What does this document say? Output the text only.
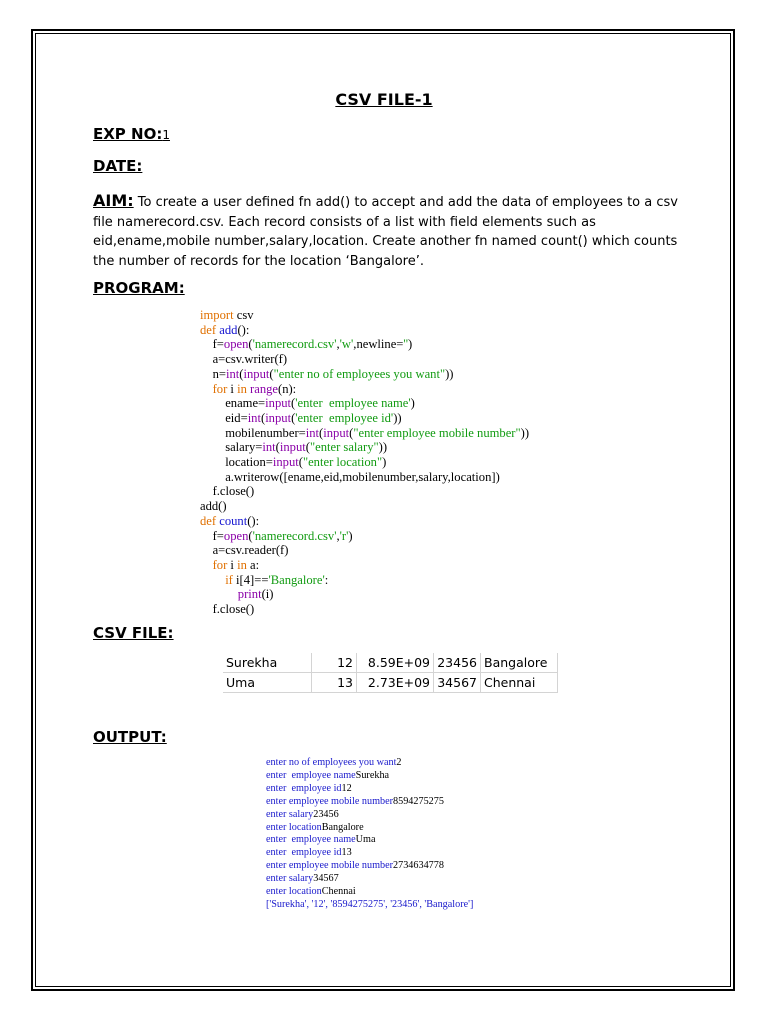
CSV FILE-1
EXP NO:1
DATE:
AIM: To create a user defined fn add() to accept and add the data of employees to a csv file namerecord.csv. Each record consists of a list with field elements such as eid,ename,mobile number,salary,location. Create another fn named count() which counts the number of records for the location ‘Bangalore’.
PROGRAM:
import csv
def add():
f=open('namerecord.csv','w',newline='')
a=csv.writer(f)
n=int(input("enter no of employees you want"))
for i in range(n):
ename=input('enter  employee name')
eid=int(input('enter  employee id'))
mobilenumber=int(input("enter employee mobile number"))
salary=int(input("enter salary"))
location=input("enter location")
a.writerow([ename,eid,mobilenumber,salary,location])
f.close()
add()
def count():
f=open('namerecord.csv','r')
a=csv.reader(f)
for i in a:
if i[4]=='Bangalore':
print(i)
f.close()
CSV FILE:
Surekha	12	8.59E+09	23456	Bangalore
Uma	13	2.73E+09	34567	Chennai
OUTPUT:
enter no of employees you want2
enter  employee nameSurekha
enter  employee id12
enter employee mobile number8594275275
enter salary23456
enter locationBangalore
enter  employee nameUma
enter  employee id13
enter employee mobile number2734634778
enter salary34567
enter locationChennai
['Surekha', '12', '8594275275', '23456', 'Bangalore']
